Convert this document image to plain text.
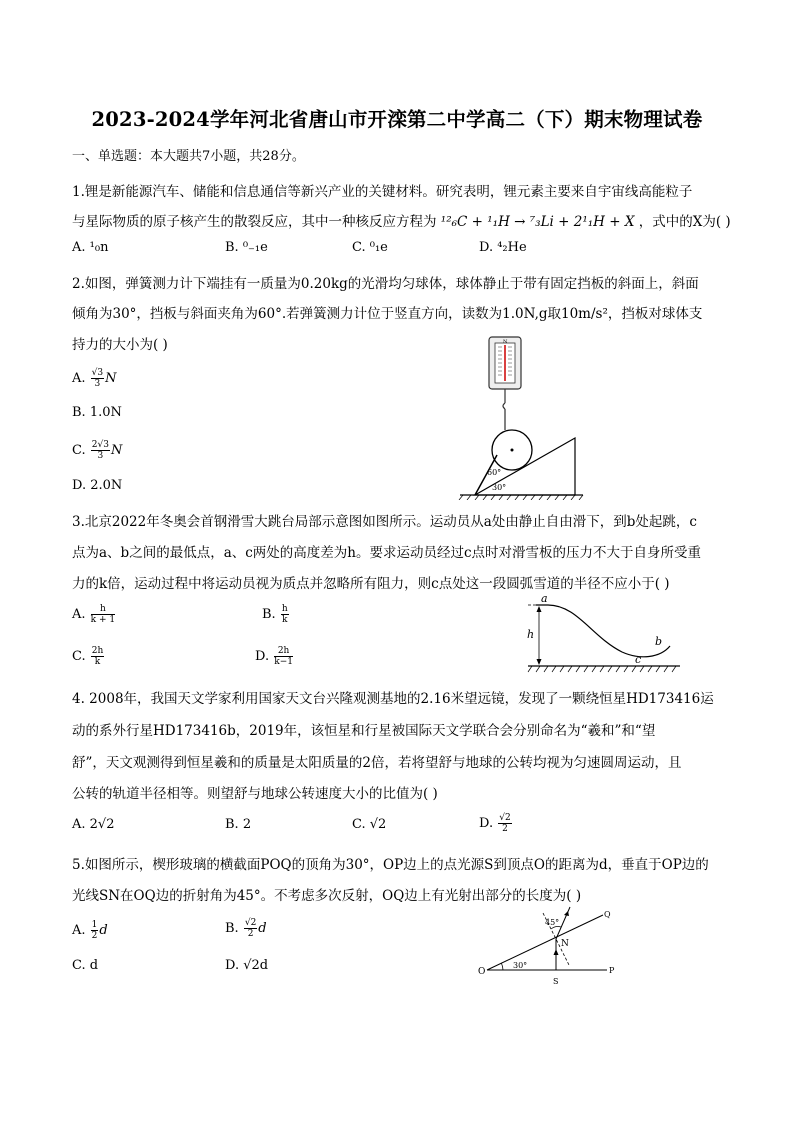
2023-2024学年河北省唐山市开滦第二中学高二（下）期末物理试卷
一、单选题：本大题共7小题，共28分。
1.锂是新能源汽车、储能和信息通信等新兴产业的关键材料。研究表明，锂元素主要来自宇宙线高能粒子
与星际物质的原子核产生的散裂反应，其中一种核反应方程为 ¹²₆C + ¹₁H → ⁷₃Li + 2¹₁H + X ，式中的X为( )
A. ¹₀n	B. ⁰₋₁e	C. ⁰₁e	D. ⁴₂He
2.如图，弹簧测力计下端挂有一质量为0.20kg的光滑均匀球体，球体静止于带有固定挡板的斜面上，斜面
倾角为30°，挡板与斜面夹角为60°.若弹簧测力计位于竖直方向，读数为1.0N,g取10m/s²，挡板对球体支
持力的大小为( )
A. $\frac{√3}{3}$ N
B. 1.0N
C. $\frac{2√3}{3}$ N
D. 2.0N
N
60°
30°
3.北京2022年冬奥会首钢滑雪大跳台局部示意图如图所示。运动员从a处由静止自由滑下，到b处起跳，c
点为a、b之间的最低点，a、c两处的高度差为h。要求运动员经过c点时对滑雪板的压力不大于自身所受重
力的k倍，运动过程中将运动员视为质点并忽略所有阻力，则c点处这一段圆弧雪道的半径不应小于( )
A. $\frac{h}{k + 1}$	B. $\frac{h}{k}$
C. $\frac{2h}{k}$	D. $\frac{2h}{k-1}$
a
h
c
b
4. 2008年，我国天文学家利用国家天文台兴隆观测基地的2.16米望远镜，发现了一颗绕恒星HD173416运
动的系外行星HD173416b，2019年，该恒星和行星被国际天文学联合会分别命名为“羲和”和“望
舒”，天文观测得到恒星羲和的质量是太阳质量的2倍，若将望舒与地球的公转均视为匀速圆周运动，且
公转的轨道半径相等。则望舒与地球公转速度大小的比值为( )
A. 2√2	B. 2	C. √2	D. $\frac{√2}{2}$
5.如图所示，楔形玻璃的横截面POQ的顶角为30°，OP边上的点光源S到顶点O的距离为d，垂直于OP边的
光线SN在OQ边的折射角为45°。不考虑多次反射，OQ边上有光射出部分的长度为( )
A. $\frac{1}{2}$ d	B. $\frac{√2}{2}$ d
C. d	D. √2d	O	P
Q
N
S
45°
30°
